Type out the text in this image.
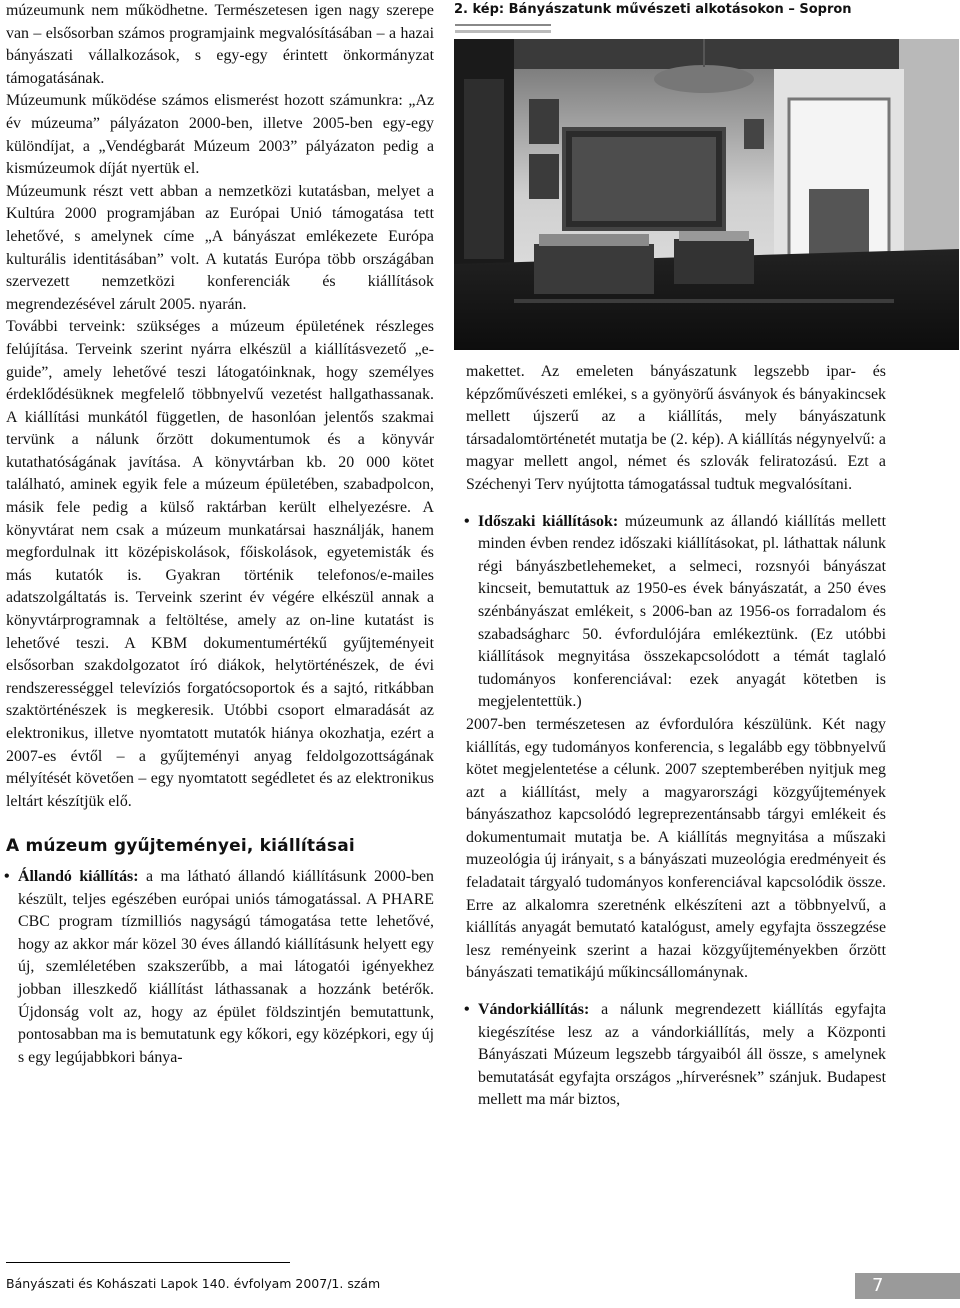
múzeumunk nem működhetne. Természetesen igen nagy szerepe van – elsősorban számos programjaink megvalósításában – a hazai bányászati vállalkozások, s egy-egy érintett önkormányzat támogatásának.

Múzeumunk működése számos elismerést hozott számunkra: „Az év múzeuma” pályázaton 2000-ben, illetve 2005-ben egy-egy különdíjat, a „Vendégbarát Múzeum 2003” pályázaton pedig a kismúzeumok díját nyertük el.

Múzeumunk részt vett abban a nemzetközi kutatásban, melyet a Kultúra 2000 programjában az Európai Unió támogatása tett lehetővé, s amelynek címe „A bányászat emlékezete Európa kulturális identitásában” volt. A kutatás Európa több országában szervezett nemzetközi konferenciák és kiállítások megrendezésével zárult 2005. nyarán.

További terveink: szükséges a múzeum épületének részleges felújítása. Terveink szerint nyárra elkészül a kiállításvezető „e-guide”, amely lehetővé teszi látogatóinknak, hogy személyes érdeklődésüknek megfelelő többnyelvű vezetést hallgathassanak. A kiállítási munkától független, de hasonlóan jelentős szakmai tervünk a nálunk őrzött dokumentumok és a könyvár kutathatóságának javítása. A könyvtárban kb. 20 000 kötet található, aminek egyik fele a múzeum épületében, szabadpolcon, másik fele pedig a külső raktárban került elhelyezésre. A könyvtárat nem csak a múzeum munkatársai használják, hanem megfordulnak itt középiskolások, főiskolások, egyetemisták és más kutatók is. Gyakran történik telefonos/e-mailes adatszolgáltatás is. Terveink szerint év végére elkészül annak a könyvtárprogramnak a feltöltése, amely az on-line kutatást is lehetővé teszi. A KBM dokumentumértékű gyűjteményeit elsősorban szakdolgozatot író diákok, helytörténészek, de évi rendszerességgel televíziós forgatócsoportok és a sajtó, ritkábban szaktörténészek is megkeresik. Utóbbi csoport elmaradását az elektronikus, illetve nyomtatott mutatók hiánya okozhatja, ezért a 2007-es évtől – a gyűjteményi anyag feldolgozottságának mélyítését követően – egy nyomtatott segédletet és az elektronikus leltárt készítjük elő.

A múzeum gyűjteményei, kiállításai

• Állandó kiállítás: a ma látható állandó kiállításunk 2000-ben készült, teljes egészében európai uniós támogatással. A PHARE CBC program tízmilliós nagyságú támogatása tette lehetővé, hogy az akkor már közel 30 éves állandó kiállításunk helyett egy új, szemléletében szakszerűbb, a mai látogatói igényekhez jobban illeszkedő kiállítást láthassanak a hozzánk betérők. Újdonság volt az, hogy az épület földszintjén bemutattunk, pontosabban ma is bemutatunk egy kőkori, egy középkori, egy új s egy legújabbkori bánya-

2. kép: Bányászatunk művészeti alkotásokon – Sopron

makettet. Az emeleten bányászatunk legszebb ipar- és képzőművészeti emlékei, s a gyönyörű ásványok és bányakincsek mellett újszerű az a kiállítás, mely bányászatunk társadalomtörténetét mutatja be (2. kép). A kiállítás négynyelvű: a magyar mellett angol, német és szlovák feliratozású. Ezt a Széchenyi Terv nyújtotta támogatással tudtuk megvalósítani.

• Időszaki kiállítások: múzeumunk az állandó kiállítás mellett minden évben rendez időszaki kiállításokat, pl. láthattak nálunk régi bányászbetlehemeket, a selmeci, rozsnyói bányászat kincseit, bemutattuk az 1950-es évek bányászatát, a 250 éves szénbányászat emlékeit, s 2006-ban az 1956-os forradalom és szabadságharc 50. évfordulójára emlékeztünk. (Ez utóbbi kiállítások megnyitása összekapcsolódott a témát taglaló tudományos konferenciával: ezek anyagát kötetben is megjelentettük.)

2007-ben természetesen az évfordulóra készülünk. Két nagy kiállítás, egy tudományos konferencia, s legalább egy többnyelvű kötet megjelentetése a célunk. 2007 szeptemberében nyitjuk meg azt a kiállítást, mely a magyarországi közgyűjtemények bányászathoz kapcsolódó legreprezentánsabb tárgyi emlékeit és dokumentumait mutatja be. A kiállítás megnyitása a műszaki muzeológia új irányait, s a bányászati muzeológia eredményeit és feladatait tárgyaló tudományos konferenciával kapcsolódik össze. Erre az alkalomra szeretnénk elkészíteni azt a többnyelvű, a kiállítás anyagát bemutató katalógust, amely egyfajta összegzése lesz reményeink szerint a hazai közgyűjteményekben őrzött bányászati tematikájú műkincsállománynak.

• Vándorkiállítás: a nálunk megrendezett kiállítás egyfajta kiegészítése lesz az a vándorkiállítás, mely a Központi Bányászati Múzeum legszebb tárgyaiból áll össze, s amelynek bemutatását egyfajta országos „hírverésnek” szánjuk. Budapest mellett ma már biztos,

Bányászati és Kohászati Lapok 140. évfolyam 2007/1. szám	7
